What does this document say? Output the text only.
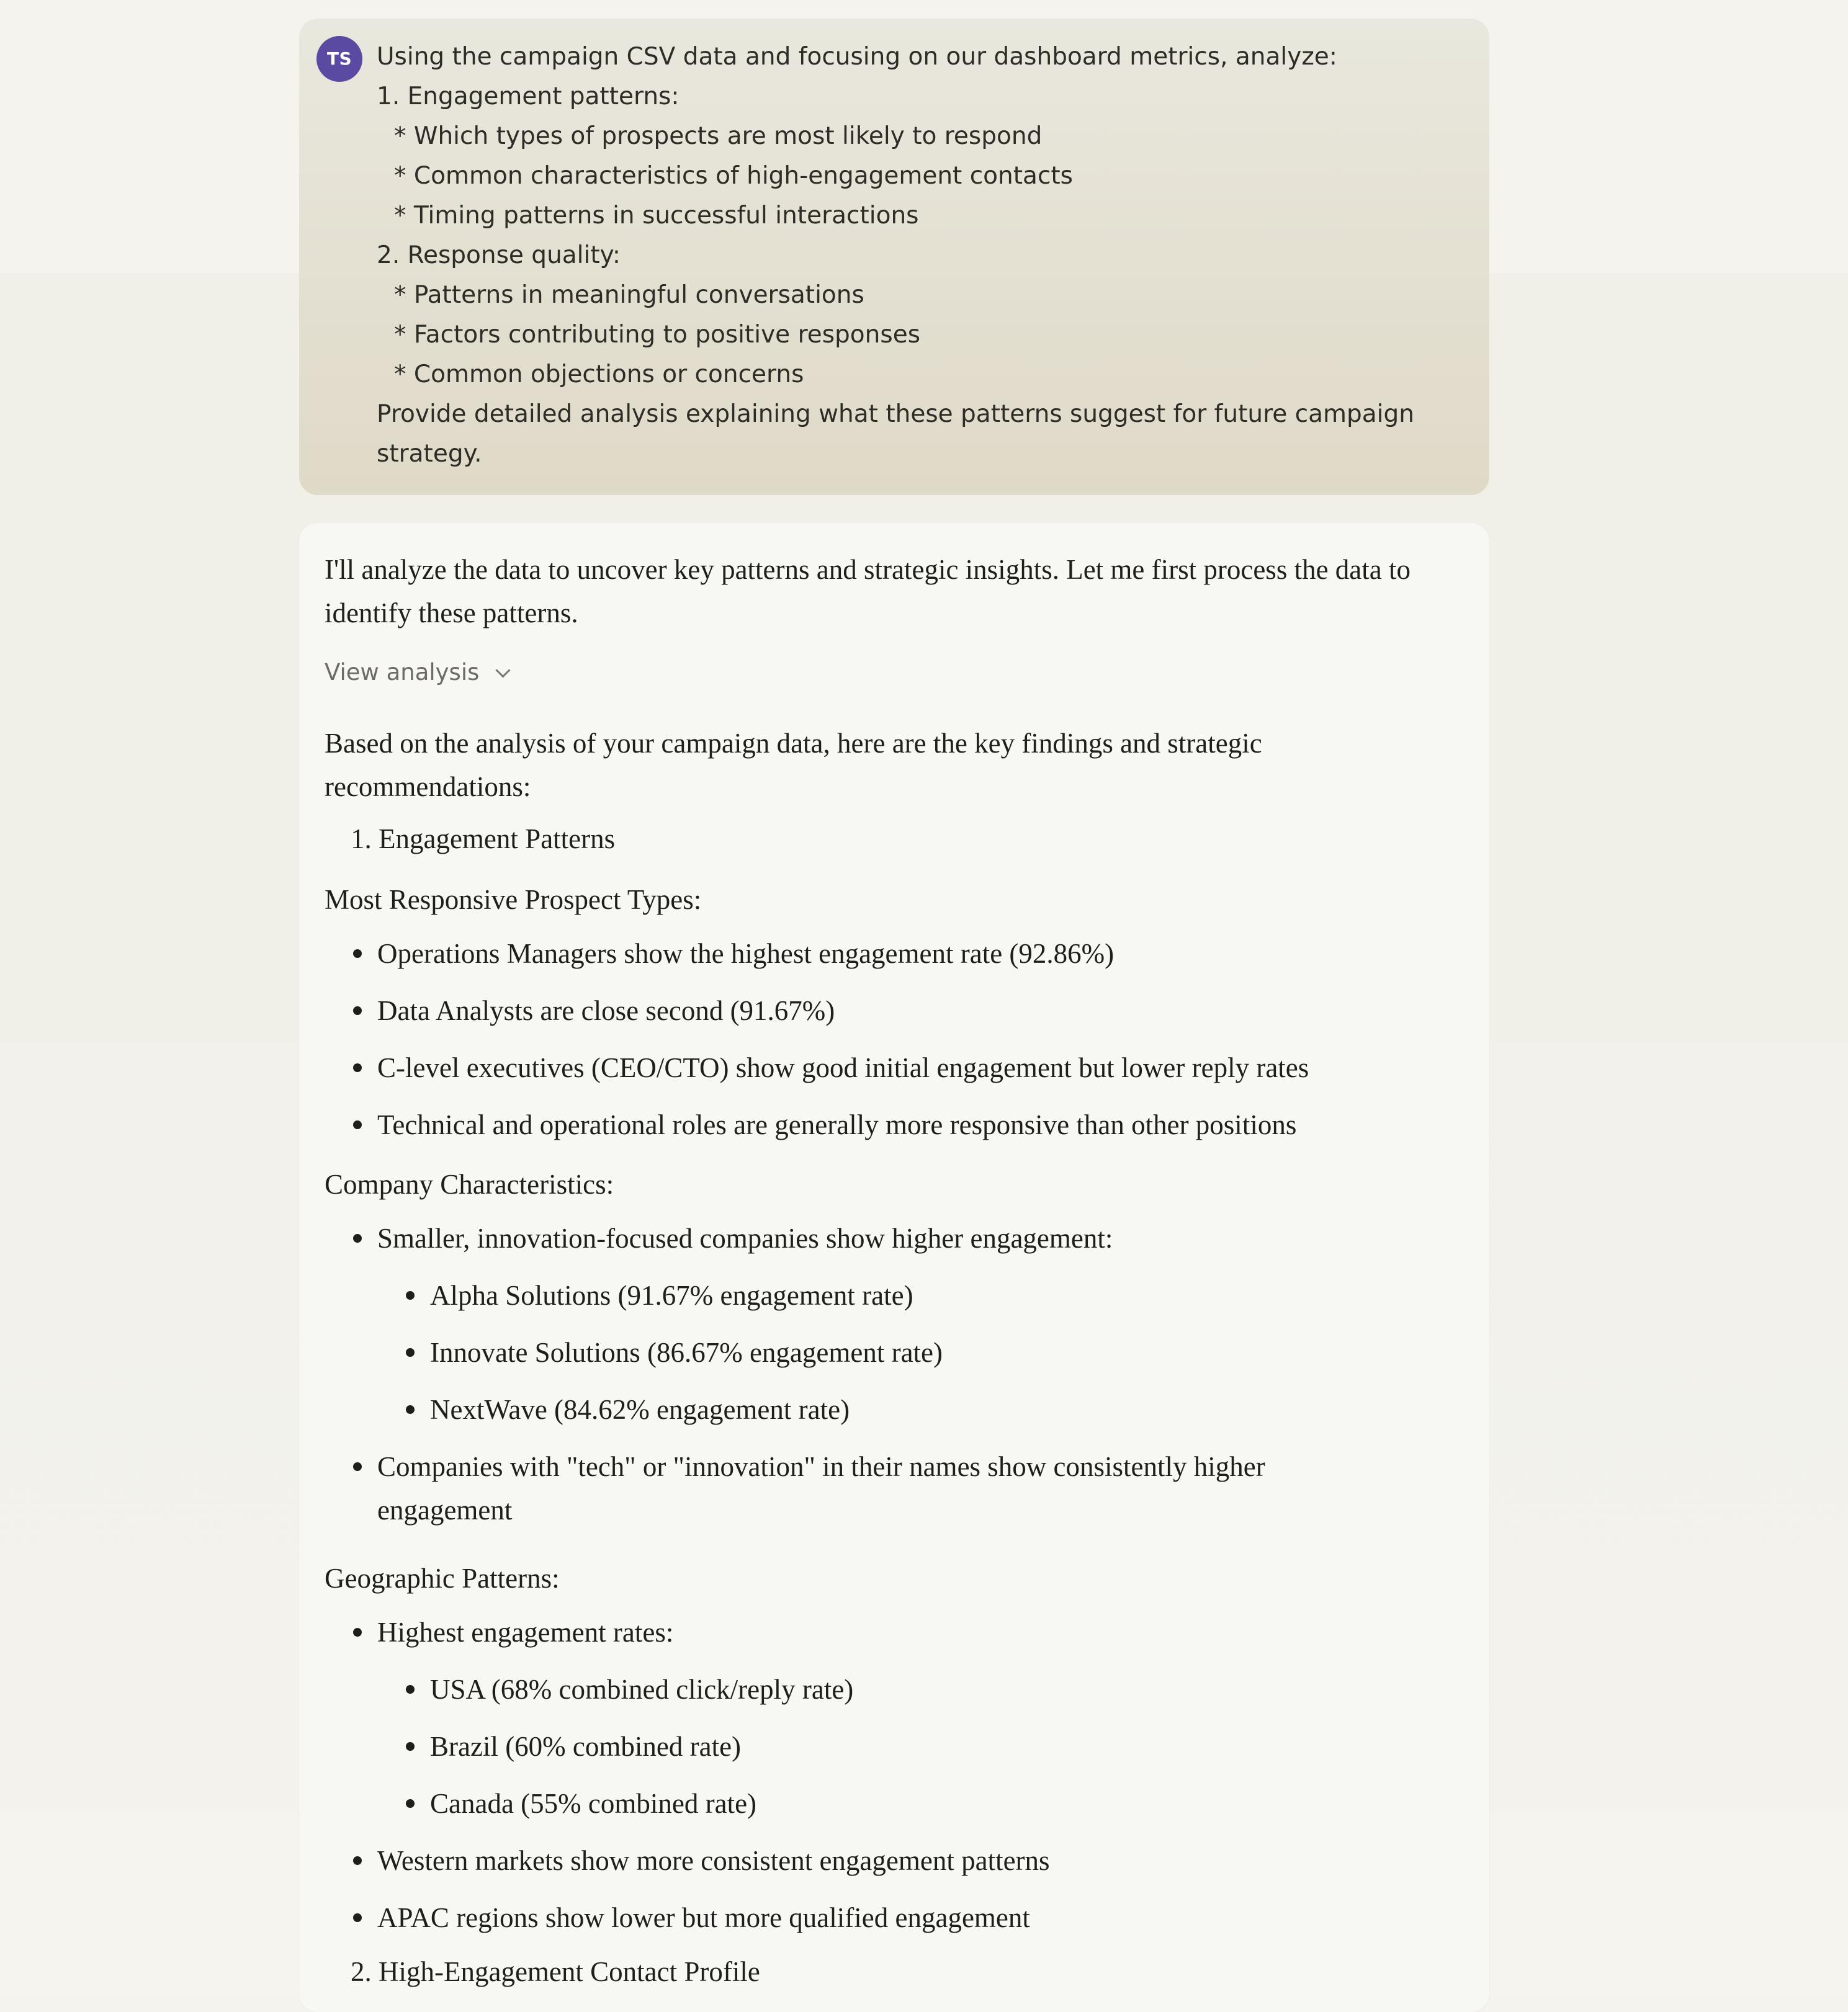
TS	Using the campaign CSV data and focusing on our dashboard metrics, analyze:
1. Engagement patterns:
* Which types of prospects are most likely to respond
* Common characteristics of high-engagement contacts
* Timing patterns in successful interactions
2. Response quality:
* Patterns in meaningful conversations
* Factors contributing to positive responses
* Common objections or concerns
Provide detailed analysis explaining what these patterns suggest for future campaign
strategy.
I'll analyze the data to uncover key patterns and strategic insights. Let me first process the data to identify these patterns.
View analysis
Based on the analysis of your campaign data, here are the key findings and strategic recommendations:
1. Engagement Patterns
Most Responsive Prospect Types:
Operations Managers show the highest engagement rate (92.86%)
Data Analysts are close second (91.67%)
C-level executives (CEO/CTO) show good initial engagement but lower reply rates
Technical and operational roles are generally more responsive than other positions
Company Characteristics:
Smaller, innovation-focused companies show higher engagement:
Alpha Solutions (91.67% engagement rate)
Innovate Solutions (86.67% engagement rate)
NextWave (84.62% engagement rate)
Companies with "tech" or "innovation" in their names show consistently higher engagement
Geographic Patterns:
Highest engagement rates:
USA (68% combined click/reply rate)
Brazil (60% combined rate)
Canada (55% combined rate)
Western markets show more consistent engagement patterns
APAC regions show lower but more qualified engagement
2. High-Engagement Contact Profile
